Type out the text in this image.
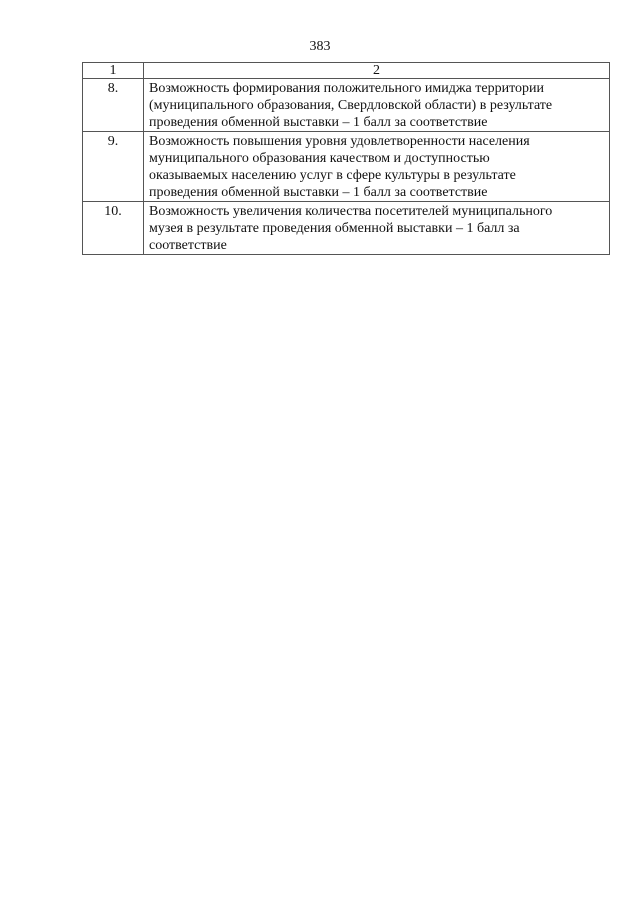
383
1	2
8.	Возможность формирования положительного имиджа территории
(муниципального образования, Свердловской области) в результате
проведения обменной выставки – 1 балл за соответствие
9.	Возможность повышения уровня удовлетворенности населения
муниципального образования качеством и доступностью
оказываемых населению услуг в сфере культуры в результате
проведения обменной выставки – 1 балл за соответствие
10.	Возможность увеличения количества посетителей муниципального
музея в результате проведения обменной выставки – 1 балл за
соответствие
